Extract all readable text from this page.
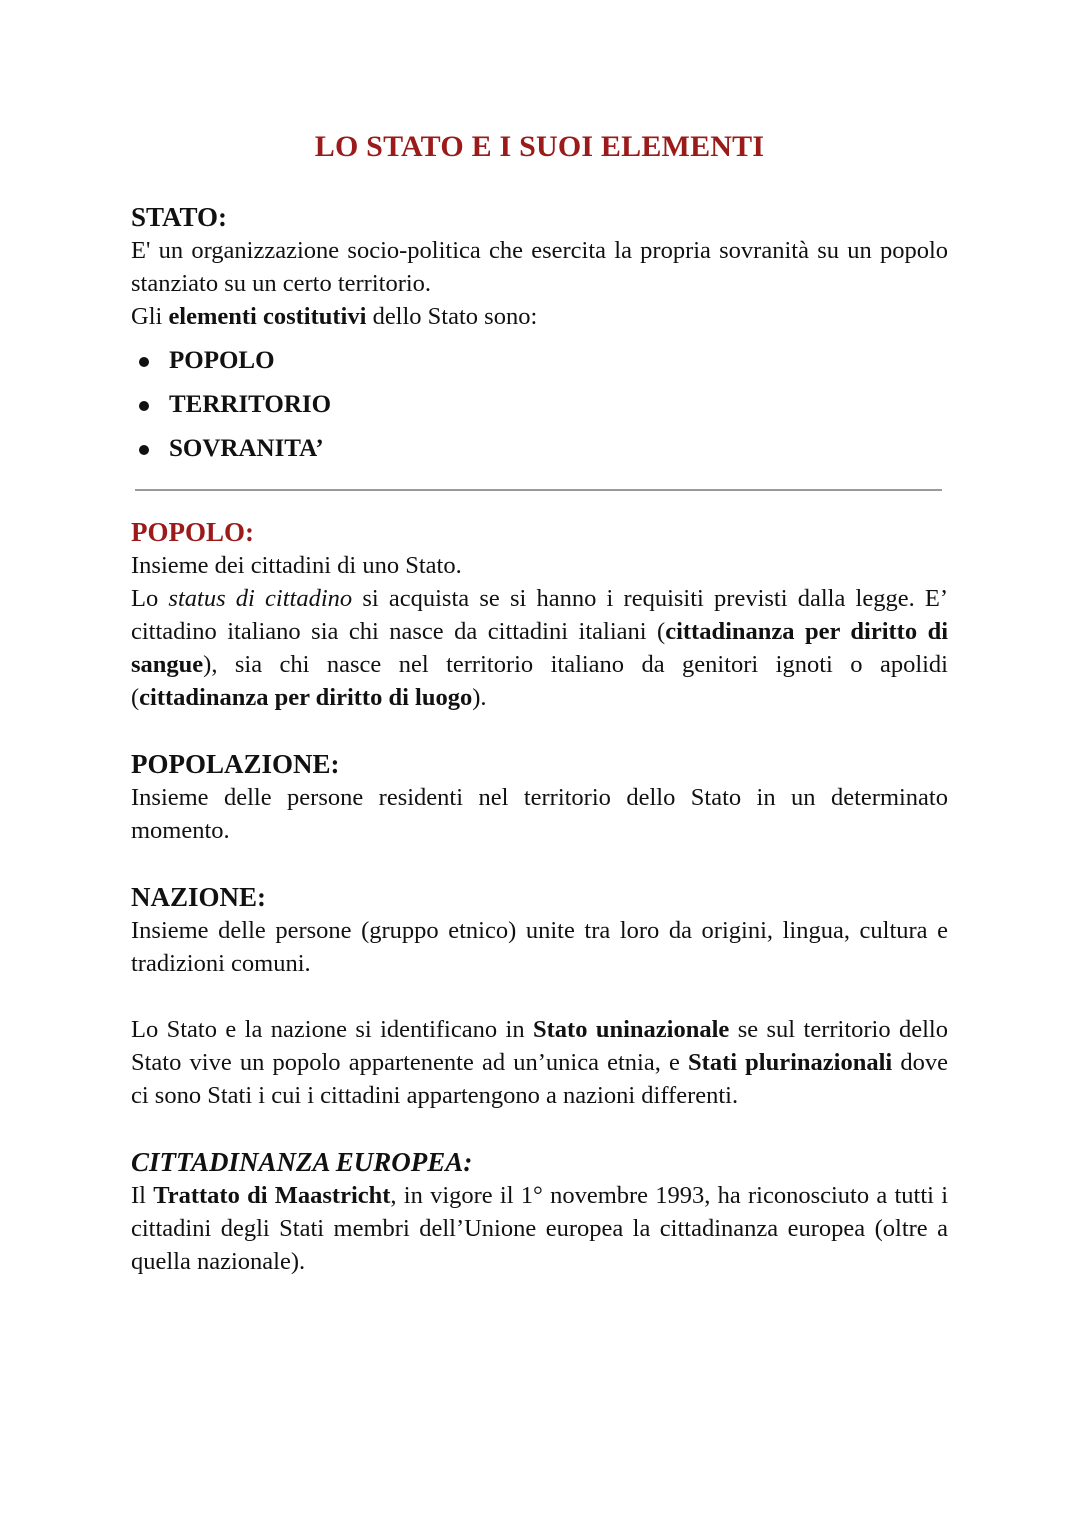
LO STATO E I SUOI ELEMENTI
STATO:

E' un organizzazione socio-politica che esercita la propria sovranità su un popolo stanziato su un certo territorio.

Gli elementi costitutivi dello Stato sono:

POPOLO
TERRITORIO
SOVRANITA’
POPOLO:

Insieme dei cittadini di uno Stato.

Lo status di cittadino si acquista se si hanno i requisiti previsti dalla legge. E’ cittadino italiano sia chi nasce da cittadini italiani (cittadinanza per diritto di sangue), sia chi nasce nel territorio italiano da genitori ignoti o apolidi (cittadinanza per diritto di luogo).

POPOLAZIONE:

Insieme delle persone residenti nel territorio dello Stato in un determinato momento.

NAZIONE:

Insieme delle persone (gruppo etnico) unite tra loro da origini, lingua, cultura e tradizioni comuni.

Lo Stato e la nazione si identificano in Stato uninazionale se sul territorio dello Stato vive un popolo appartenente ad un’unica etnia, e Stati plurinazionali dove ci sono Stati i cui i cittadini appartengono a nazioni differenti.

CITTADINANZA EUROPEA:

Il Trattato di Maastricht, in vigore il 1° novembre 1993, ha riconosciuto a tutti i cittadini degli Stati membri dell’Unione europea la cittadinanza europea (oltre a quella nazionale).
